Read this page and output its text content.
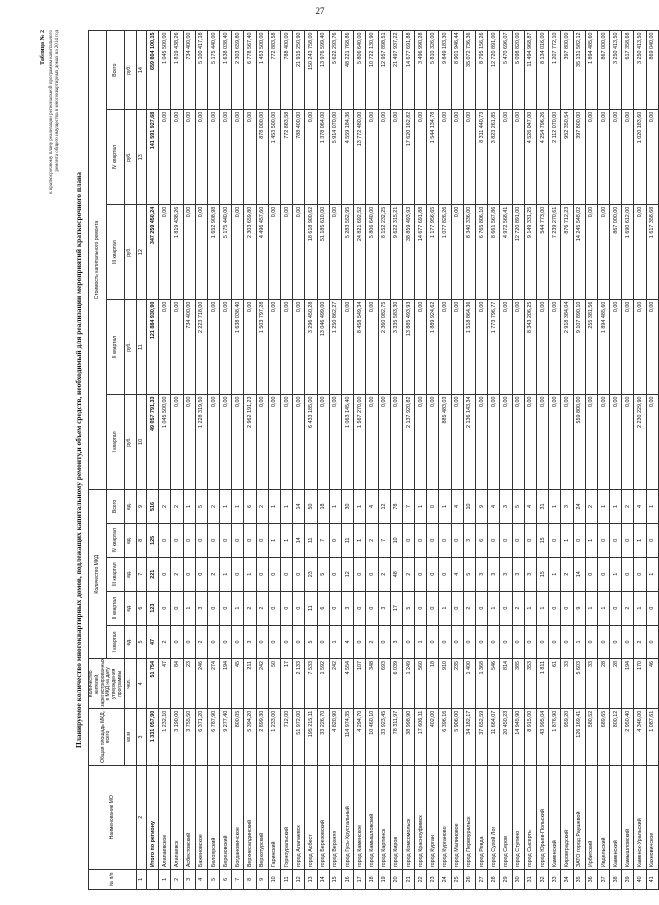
27
Таблица № 2 к краткосрочному плану реализации региональной программы капитального ремонта общего имущества в многоквартирных домах на 2014 год
Планируемое количество многоквартирных домов, подлежащих капитальному ремонту,и объем средств, необходимый для реализации мероприятий краткосрочного плана
№ п/п	Наименование МО	Общая площадь МКД, всего	Количество жителей, зарегистрированных в МКД на дату утверждения программы	Количество МКД					Стоимость капитального ремонта				
				I квартал	II квартал	III квартал	IV квартал	Всего	I квартал	II квартал	III квартал	IV квартал	Всего
		кв.м	чел.	ед.	ед.	ед.	ед.	ед.	руб.	руб.	руб.	руб.	руб.
1	2	3	4	5	6	7	8	9	10	11	12	13	14
	Итого по региону	1 331 057,90	51 754	47	123	221	125	516	49 057 791,33	121 884 930,90	347 259 450,24	141 591 927,68	659 804 100,15
1	Алапаевское	1 232,10	47	2	0	0	0	2	1 045 500,00	0,00	0,00	0,00	1 045 500,00
2	Алапаевск	3 190,00	84	0	0	2	0	2	0,00	0,00	1 819 438,26	0,00	1 819 438,26
3	Асбестовский	3 755,50	23	0	1	0	0	1	0,00	734 400,00	0,00	0,00	734 400,00
4	Баженовское	6 371,20	246	2	3	0	0	5	1 228 319,50	2 223 718,00	0,00	0,00	5 100 417,18
5	Белоярский	6 787,90	274	0	0	2	0	2	0,00	0,00	1 652 908,98	0,00	5 175 440,00
6	Березовский	9 277,40	194	0	0	1	0	1	0,00	0,00	5 175 440,00	0,00	1 638 038,40
7	Богдановичское	800,05	45	0	1	0	0	1	0,00	1 638 038,40	0,00	0,00	2 303 659,80
8	Верхнесалдинский	5 394,20	211	3	2	1	0	6	2 962 191,23	0,00	2 303 659,80	0,00	6 778 567,40
9	Верхотурский	2 899,30	242	0	2	0	0	2	0,00	1 503 797,28	4 496 457,60	878 000,00	1 453 500,00
10	Гаринский	1 233,00	50	0	0	0	1	1	0,00	0,00	0,00	1 453 500,00	772 883,58
11	Горноуральский	712,00	17	0	0	0	1	1	0,00	0,00	0,00	772 883,58	788 400,00
12	город Алапаевск	51 972,00	2 133	0	0	0	14	14	0,00	0,00	0,00	788 400,00	21 915 250,90
13	город Асбест	195 215,11	7 533	5	11	23	11	50	6 433 185,00	3 296 450,28	18 618 900,62	0,00	150 243 758,00
14	город Березовский	33 226,70	1 592	0	6	5	7	18	0,00	13 046 499,00	51 185 610,00	1 378 064,00	13 976 599,40
15	город Верхняя	4 820,90	242	1	0	0	0	1	0,00	1 250 862,27	0,00	5 914 070,00	5 622 293,76
16	город Гусь-Хрустальный	114 974,35	4 554	4	3	12	11	30	1 063 145,40	0,00	5 283 552,95	4 559 184,36	48 221 768,86
17	город Каменское	4 294,70	107	0	0	0	1	1	1 567 270,00	8 458 549,34	24 821 692,52	13 772 480,00	5 806 640,00
18	город Камышловский	10 460,10	348	2	0	0	2	4	0,00	0,00	5 806 640,00	0,00	10 722 130,90
19	город Карпинск	33 923,45	693	0	3	2	7	12	0,00	2 360 082,75	8 152 232,25	0,00	12 957 898,51
20	город Киров	78 311,97	6 039	3	17	48	10	78	0,00	3 335 583,30	9 622 315,21	0,00	21 497 937,22
21	город Комсомольск	38 998,90	1 249	0	5	2	0	7	2 137 920,82	13 885 493,93	38 859 493,93	17 620 162,82	14 677 691,88
22	город Красноуфимск	17 606,11	560	1	0	0	0	1	0,00	0,00	14 677 691,88	0,00	3 496 990,28
23	город Курган	402,00	18	0	0	0	0	0	0,00	1 889 924,62	1 177 956,65	1 544 134,78	5 810 326,00
24	город Курганово	6 396,16	910	0	1	0	0	1	885 483,03	0,00	1 077 826,26	0,00	9 849 183,30
25	город Малиновое	5 906,00	235	0	0	4	0	4	0,00	0,00	0,00	0,00	8 901 946,44
26	город Первоуральск	34 182,17	1 400	0	2	5	3	10	2 136 143,34	1 518 864,36	8 340 336,00	0,00	35 072 736,36
27	город Ревда	37 652,59	1 368	0	0	3	6	9	0,00	0,00	6 765 806,10	8 311 440,73	8 795 156,26
28	город Сухой Лог	11 664,07	546	0	1	3	0	4	0,00	1 773 796,77	8 661 567,86	3 823 261,85	12 720 891,00
29	город Серов	20 450,23	814	0	0	3	0	3	0,00	0,00	4 972 568,41	0,00	5 470 696,07
30	город Ступино	14 945,90	385	0	2	3	0	5	0,00	0,00	12 720 891,00	0,00	5 098 820,00
31	город Сысерть	8 915,00	353	0	1	3	0	4	0,00	8 343 206,25	9 149 331,25	4 526 047,00	11 494 968,87
32	город Юрьев-Польский	43 995,04	1 811	0	1	15	15	31	0,00	0,00	544 773,00	4 254 796,26	8 134 016,00
33	Каменский	1 876,90	61	0	0	1	0	1	0,00	0,00	7 239 270,61	2 112 070,00	1 207 772,10
34	Кировградский	959,20	33	0	0	2	1	3	0,00	2 918 384,04	876 712,23	952 350,54	397 800,00
35	ЗАТО город Раушевой	126 169,41	5 603	1	9	14	0	24	559 800,00	9 107 890,10	14 245 548,02	397 800,00	35 131 582,12
36	Ирбитский	580,52	33	0	1	0	1	2	0,00	255 381,56	0,00	0,00	1 894 485,60
37	Ивдельский	689,65	28	0	1	0	0	1	0,00	1 894 485,60	0,00	0,00	867 000,00
38	Каменский	800,12	28	0	0	1	0	1	0,00	0,00	867 000,00	0,00	3 250 413,50
39	Камышловский	2 950,40	194	0	2	0	0	2	0,00	0,00	1 690 612,00	0,00	617 358,68
40	Каменск-Уральский	4 346,00	170	2	1	0	1	4	2 230 229,90	0,00	0,00	1 020 183,60	3 250 413,50
41	Кахновичское	1 087,61	46	0	0	1	0	1	0,00	0,00	1 617 358,68	0,00	869 040,00
